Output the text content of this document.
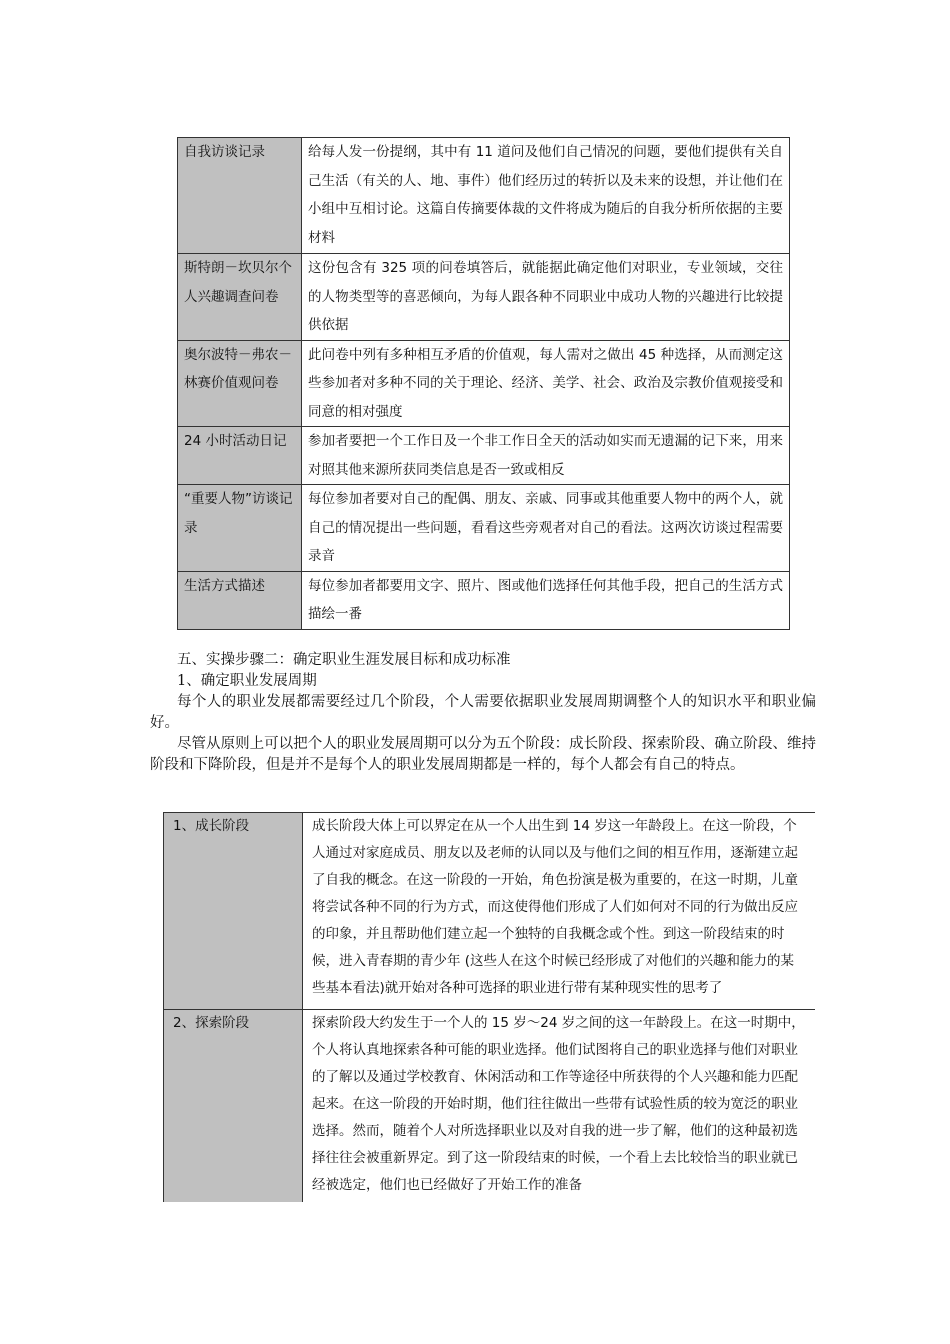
自我访谈记录	给每人发一份提纲，其中有 11 道问及他们自己情况的问题，要他们提供有关自己生活（有关的人、地、事件）他们经历过的转折以及未来的设想，并让他们在小组中互相讨论。这篇自传摘要体裁的文件将成为随后的自我分析所依据的主要材料
斯特朗－坎贝尔个人兴趣调查问卷	这份包含有 325 项的问卷填答后，就能据此确定他们对职业，专业领域，交往的人物类型等的喜恶倾向，为每人跟各种不同职业中成功人物的兴趣进行比较提供依据
奥尔波特－弗农－林赛价值观问卷	此问卷中列有多种相互矛盾的价值观，每人需对之做出 45 种选择，从而测定这些参加者对多种不同的关于理论、经济、美学、社会、政治及宗教价值观接受和同意的相对强度
24 小时活动日记	参加者要把一个工作日及一个非工作日全天的活动如实而无遗漏的记下来，用来对照其他来源所获同类信息是否一致或相反
“重要人物”访谈记录	每位参加者要对自己的配偶、朋友、亲戚、同事或其他重要人物中的两个人，就自己的情况提出一些问题，看看这些旁观者对自己的看法。这两次访谈过程需要录音
生活方式描述	每位参加者都要用文字、照片、图或他们选择任何其他手段，把自己的生活方式描绘一番

五、实操步骤二：确定职业生涯发展目标和成功标准

1、确定职业发展周期

每个人的职业发展都需要经过几个阶段，个人需要依据职业发展周期调整个人的知识水平和职业偏好。

尽管从原则上可以把个人的职业发展周期可以分为五个阶段：成长阶段、探索阶段、确立阶段、维持阶段和下降阶段，但是并不是每个人的职业发展周期都是一样的，每个人都会有自己的特点。

1、成长阶段	成长阶段大体上可以界定在从一个人出生到 14 岁这一年龄段上。在这一阶段，个人通过对家庭成员、朋友以及老师的认同以及与他们之间的相互作用，逐渐建立起了自我的概念。在这一阶段的一开始，角色扮演是极为重要的，在这一时期，儿童将尝试各种不同的行为方式，而这使得他们形成了人们如何对不同的行为做出反应的印象，并且帮助他们建立起一个独特的自我概念或个性。到这一阶段结束的时候，进入青春期的青少年 (这些人在这个时候已经形成了对他们的兴趣和能力的某些基本看法)就开始对各种可选择的职业进行带有某种现实性的思考了
2、探索阶段	探索阶段大约发生于一个人的 15 岁～24 岁之间的这一年龄段上。在这一时期中，个人将认真地探索各种可能的职业选择。他们试图将自己的职业选择与他们对职业的了解以及通过学校教育、休闲活动和工作等途径中所获得的个人兴趣和能力匹配起来。在这一阶段的开始时期，他们往往做出一些带有试验性质的较为宽泛的职业选择。然而，随着个人对所选择职业以及对自我的进一步了解，他们的这种最初选择往往会被重新界定。到了这一阶段结束的时候，一个看上去比较恰当的职业就已经被选定，他们也已经做好了开始工作的准备
